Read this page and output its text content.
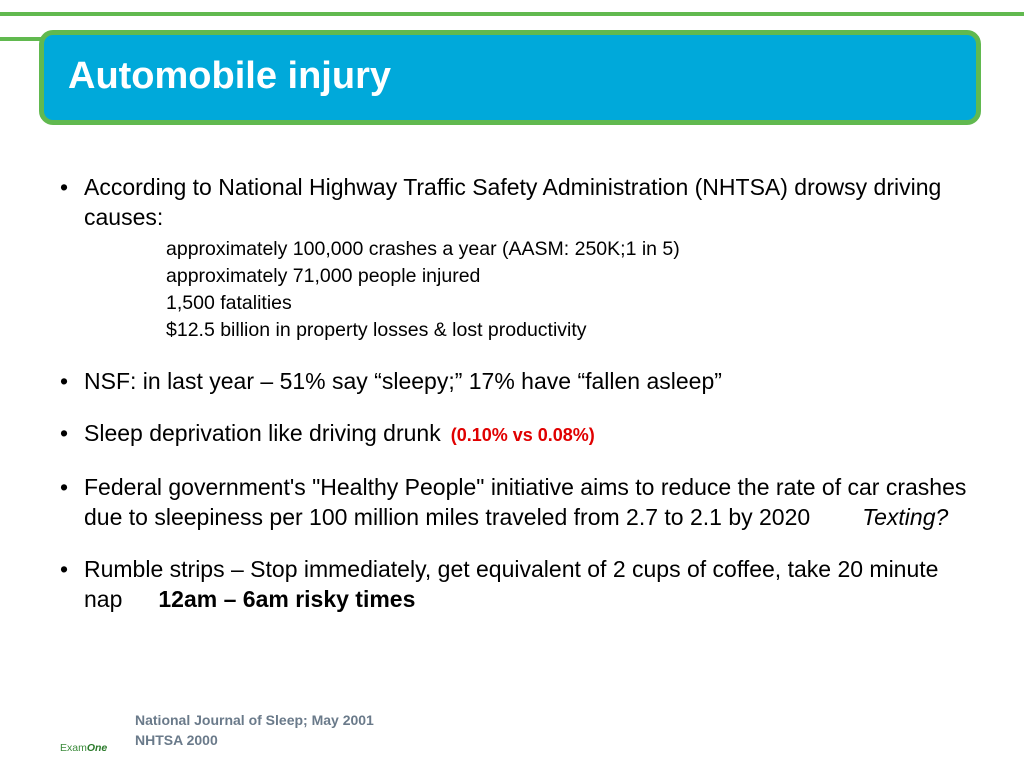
Automobile injury
• According to National Highway Traffic Safety Administration (NHTSA) drowsy driving causes:
approximately 100,000 crashes a year (AASM: 250K;1 in 5)
approximately 71,000 people injured
1,500 fatalities
$12.5 billion in property losses & lost productivity
• NSF: in last year – 51% say “sleepy;” 17% have “fallen asleep”
• Sleep deprivation like driving drunk (0.10% vs 0.08%)
• Federal government's "Healthy People" initiative aims to reduce the rate of car crashes due to sleepiness per 100 million miles traveled from 2.7 to 2.1 by 2020 Texting?
• Rumble strips – Stop immediately, get equivalent of 2 cups of coffee, take 20 minute nap 12am – 6am risky times
National Journal of Sleep; May 2001
NHTSA 2000
ExamOne
